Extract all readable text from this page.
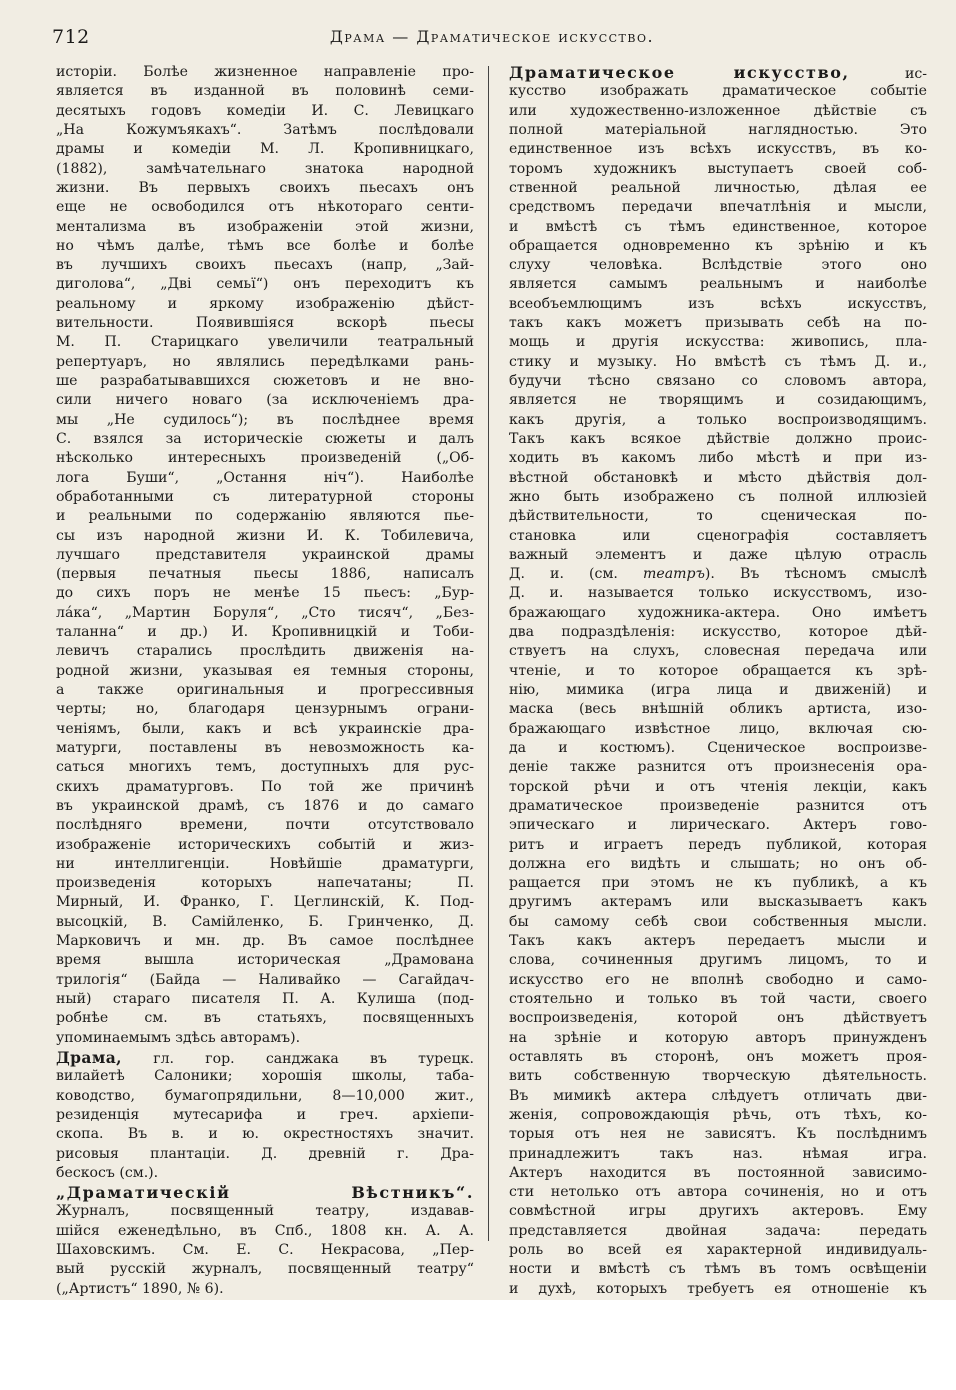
712	Драма — Драматическое искусство.
исторіи. Болѣе жизненное направленіе про-
является въ изданной въ половинѣ семи-
десятыхъ годовъ комедіи И. С. Левицкаго
„На Кожумъякахъ“. Затѣмъ послѣдовали
драмы и комедіи М. Л. Кропивницкаго,
(1882), замѣчательнаго знатока народной
жизни. Въ первыхъ своихъ пьесахъ онъ
еще не освободился отъ нѣкотораго сенти-
ментализма въ изображеніи этой жизни,
но чѣмъ далѣе, тѣмъ все болѣе и болѣе
въ лучшихъ своихъ пьесахъ (напр, „Зай-
диголова“, „Дві семьї“) онъ переходитъ къ
реальному и яркому изображенію дѣйст-
вительности. Появившіяся вскорѣ пьесы
М. П. Старицкаго увеличили театральный
репертуаръ, но являлись передѣлками рань-
ше разрабатывавшихся сюжетовъ и не вно-
сили ничего новаго (за исключеніемъ дра-
мы „Не судилось“); въ послѣднее время
С. взялся за историческіе сюжеты и далъ
нѣсколько интересныхъ произведеній („Об-
лога Буши“, „Остання ніч“). Наиболѣе
обработанными съ литературной стороны
и реальными по содержанію являются пье-
сы изъ народной жизни И. К. Тобилевича,
лучшаго представителя украинской драмы
(первыя печатныя пьесы 1886, написалъ
до сихъ поръ не менѣе 15 пьесъ: „Бур-
лáка“, „Мартин Боруля“, „Сто тисяч“, „Без-
таланна“ и др.) И. Кропивницкій и Тоби-
левичъ старались прослѣдить движенія на-
родной жизни, указывая ея темныя стороны,
а также оригинальныя и прогрессивныя
черты; но, благодаря цензурнымъ ограни-
ченіямъ, были, какъ и всѣ украинскіе дра-
матурги, поставлены въ невозможность ка-
саться многихъ темъ, доступныхъ для рус-
скихъ драматурговъ. По той же причинѣ
въ украинской драмѣ, съ 1876 и до самаго
послѣдняго времени, почти отсутствовало
изображеніе историческихъ событій и жиз-
ни интеллигенціи. Новѣйшіе драматурги,
произведенія которыхъ напечатаны; П.
Мирный, И. Франко, Г. Цеглинскій, К. Под-
высоцкій, В. Самійленко, Б. Гринченко, Д.
Марковичъ и мн. др. Въ самое послѣднее
время вышла историческая „Драмована
трилогія“ (Байда — Наливайко — Сагайдач-
ный) стараго писателя П. А. Кулиша (под-
робнѣе см. въ статьяхъ, посвященныхъ
упоминаемымъ здѣсь авторамъ).
Драма, гл. гор. санджака въ турецк.
вилайетѣ Салоники; хорошія школы, таба-
ководство, бумагопрядильни, 8—10,000 жит.,
резиденція мутесарифа и греч. архіепи-
скопа. Въ в. и ю. окрестностяхъ значит.
рисовыя плантаціи. Д. древній г. Дра-
бескосъ (см.).
„Драматическій Вѣстникъ“.
Журналъ, посвященный театру, издавав-
шійся еженедѣльно, въ Спб., 1808 кн. А. А.
Шаховскимъ. См. Е. С. Некрасова, „Пер-
вый русскій журналъ, посвященный театру“
(„Артистъ“ 1890, № 6).
Драматическое искусство, ис-
кусство изображать драматическое событіе
или художественно-изложенное дѣйствіе съ
полной матеріальной наглядностью. Это
единственное изъ всѣхъ искусствъ, въ ко-
торомъ художникъ выступаетъ своей соб-
ственной реальной личностью, дѣлая ее
средствомъ передачи впечатлѣнія и мысли,
и вмѣстѣ съ тѣмъ единственное, которое
обращается одновременно къ зрѣнію и къ
слуху человѣка. Вслѣдствіе этого оно
является самымъ реальнымъ и наиболѣе
всеобъемлющимъ изъ всѣхъ искусствъ,
такъ какъ можетъ призывать себѣ на по-
мощь и другія искусства: живопись, пла-
стику и музыку. Но вмѣстѣ съ тѣмъ Д. и.,
будучи тѣсно связано со словомъ автора,
является не творящимъ и созидающимъ,
какъ другія, а только воспроизводящимъ.
Такъ какъ всякое дѣйствіе должно проис-
ходить въ какомъ либо мѣстѣ и при из-
вѣстной обстановкѣ и мѣсто дѣйствія дол-
жно быть изображено съ полной иллюзіей
дѣйствительности, то сценическая по-
становка или сценографія составляетъ
важный элементъ и даже цѣлую отрасль
Д. и. (см. театръ). Въ тѣсномъ смыслѣ
Д. и. называется только искусствомъ, изо-
бражающаго художника-актера. Оно имѣетъ
два подраздѣленія: искусство, которое дѣй-
ствуетъ на слухъ, словесная передача или
чтеніе, и то которое обращается къ зрѣ-
нію, мимика (игра лица и движеній) и
маска (весь внѣшній обликъ артиста, изо-
бражающаго извѣстное лицо, включая сю-
да и костюмъ). Сценическое воспроизве-
деніе также разнится отъ произнесенія ора-
торской рѣчи и отъ чтенія лекціи, какъ
драматическое произведеніе разнится отъ
эпическаго и лирическаго. Актеръ гово-
ритъ и играетъ передъ публикой, которая
должна его видѣть и слышать; но онъ об-
ращается при этомъ не къ публикѣ, а къ
другимъ актерамъ или высказываетъ какъ
бы самому себѣ свои собственныя мысли.
Такъ какъ актеръ передаетъ мысли и
слова, сочиненныя другимъ лицомъ, то и
искусство его не вполнѣ свободно и само-
стоятельно и только въ той части, своего
воспроизведенія, которой онъ дѣйствуетъ
на зрѣніе и которую авторъ принужденъ
оставлять въ сторонѣ, онъ можетъ проя-
вить собственную творческую дѣятельность.
Въ мимикѣ актера слѣдуетъ отличать дви-
женія, сопровождающія рѣчь, отъ тѣхъ, ко-
торыя отъ нея не зависятъ. Къ послѣднимъ
принадлежитъ такъ наз. нѣмая игра.
Актеръ находится въ постоянной зависимо-
сти нетолько отъ автора сочиненія, но и отъ
совмѣстной игры другихъ актеровъ. Ему
представляется двойная задача: передать
роль во всей ея характерной индивидуаль-
ности и вмѣстѣ съ тѣмъ въ томъ освѣщеніи
и духѣ, которыхъ требуетъ ея отношеніе къ
